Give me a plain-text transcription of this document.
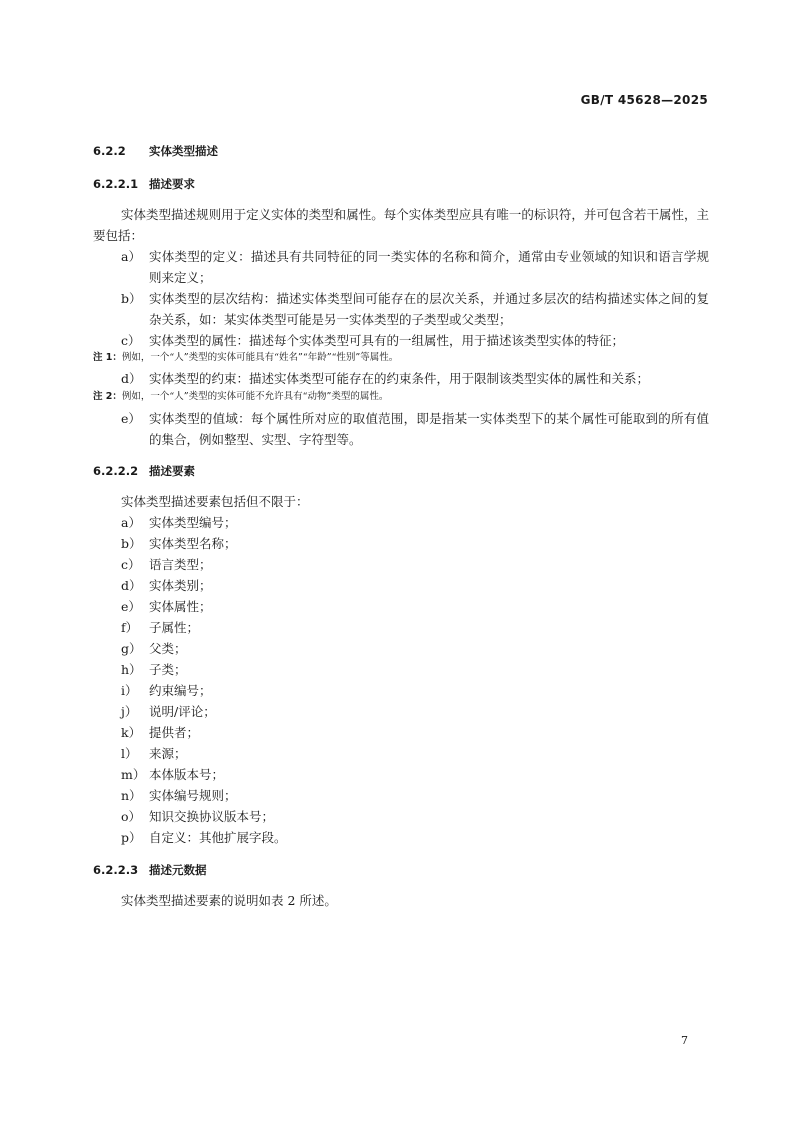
GB/T 45628—2025
6.2.2 实体类型描述
6.2.2.1 描述要求
实体类型描述规则用于定义实体的类型和属性。每个实体类型应具有唯一的标识符，并可包含若干属性，主要包括：
a） 实体类型的定义：描述具有共同特征的同一类实体的名称和简介，通常由专业领域的知识和语言学规则来定义；
b） 实体类型的层次结构：描述实体类型间可能存在的层次关系，并通过多层次的结构描述实体之间的复杂关系，如：某实体类型可能是另一实体类型的子类型或父类型；
c） 实体类型的属性：描述每个实体类型可具有的一组属性，用于描述该类型实体的特征；
注 1：例如，一个“人”类型的实体可能具有“姓名”“年龄”“性别”等属性。
d） 实体类型的约束：描述实体类型可能存在的约束条件，用于限制该类型实体的属性和关系；
注 2：例如，一个“人”类型的实体可能不允许具有“动物”类型的属性。
e） 实体类型的值域：每个属性所对应的取值范围，即是指某一实体类型下的某个属性可能取到的所有值的集合，例如整型、实型、字符型等。
6.2.2.2 描述要素
实体类型描述要素包括但不限于：
a） 实体类型编号；
b） 实体类型名称；
c） 语言类型；
d） 实体类别；
e） 实体属性；
f） 子属性；
g） 父类；
h） 子类；
i） 约束编号；
j） 说明/评论；
k） 提供者；
l） 来源；
m） 本体版本号；
n） 实体编号规则；
o） 知识交换协议版本号；
p） 自定义：其他扩展字段。
6.2.2.3 描述元数据
实体类型描述要素的说明如表 2 所述。
7
